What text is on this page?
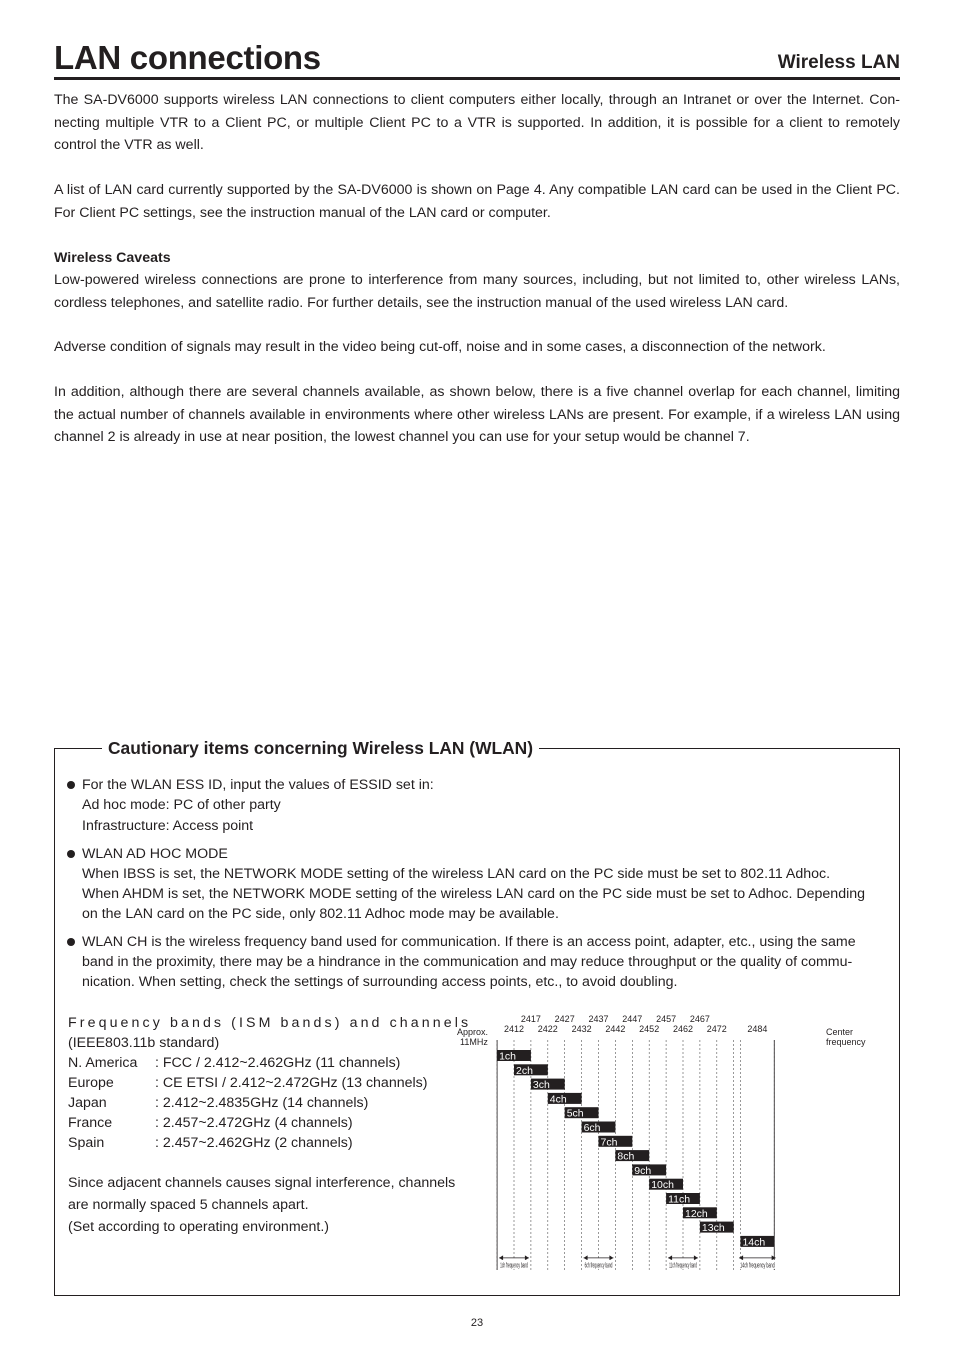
LAN connections	Wireless LAN

The SA-DV6000 supports wireless LAN connections to client computers either locally, through an Intranet or over the Internet. Con- necting multiple VTR to a Client PC, or multiple Client PC to a VTR is supported. In addition, it is possible for a client to remotely control the VTR as well.

A list of LAN card currently supported by the SA-DV6000 is shown on Page 4. Any compatible LAN card can be used in the Client PC. For Client PC settings, see the instruction manual of the LAN card or computer.

Wireless Caveats

Low-powered wireless connections are prone to interference from many sources, including, but not limited to, other wireless LANs, cordless telephones, and satellite radio. For further details, see the instruction manual of the used wireless LAN card.

Adverse condition of signals may result in the video being cut-off, noise and in some cases, a disconnection of the network.

In addition, although there are several channels available, as shown below, there is a five channel overlap for each channel, limiting the actual number of channels available in environments where other wireless LANs are present. For example, if a wireless LAN using channel 2 is already in use at near position, the lowest channel you can use for your setup would be channel 7.

Cautionary items concerning Wireless LAN (WLAN)
For the WLAN ESS ID, input the values of ESSID set in:
Ad hoc mode: PC of other party
Infrastructure: Access point
WLAN AD HOC MODE
When IBSS is set, the NETWORK MODE setting of the wireless LAN card on the PC side must be set to 802.11 Adhoc.
When AHDM is set, the NETWORK MODE setting of the wireless LAN card on the PC side must be set to Adhoc. Depending
on the LAN card on the PC side, only 802.11 Adhoc mode may be available.
WLAN CH is the wireless frequency band used for communication. If there is an access point, adapter, etc., using the same
band in the proximity, there may be a hindrance in the communication and may reduce throughput or the quality of commu-
nication. When setting, check the settings of surrounding access points, etc., to avoid doubling.
Frequency bands (ISM bands) and channels
(IEEE803.11b standard)
N. America : FCC / 2.412~2.462GHz (11 channels)
Europe	: CE ETSI / 2.412~2.472GHz (13 channels)
Japan	: 2.412~2.4835GHz (14 channels)
France	: 2.457~2.472GHz (4 channels)
Spain	: 2.457~2.462GHz (2 channels)
Since adjacent channels causes signal interference, channels
are normally spaced 5 channels apart.
(Set according to operating environment.)
2417 2427 2437 2447 2457 2467
2412 2422 2432 2442 2452 2462 2472 2484
Approx.
11MHz
Center
frequency
1ch
2ch
3ch
4ch
5ch
6ch
7ch
8ch
9ch
10ch
11ch
12ch
13ch
14ch
1ch frequency band	6ch frequency band	11ch frequency band	14ch frequency band
23
